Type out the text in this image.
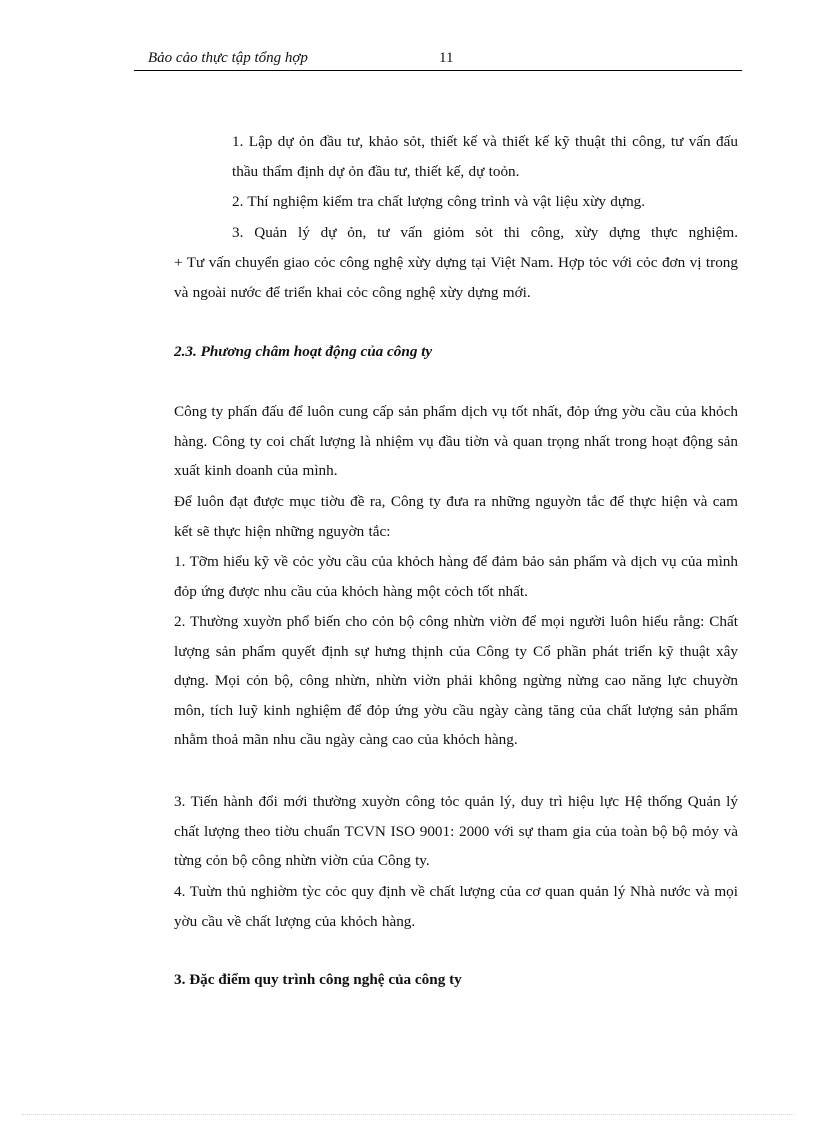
Bảo cảo thực tập tổng hợp	11

1. Lập dự ỏn đầu tư, khảo sỏt, thiết kế và thiết kế kỹ thuật thi công, tư vấn đấu thầu thẩm định dự ỏn đầu tư, thiết kế, dự toỏn.

2. Thí nghiệm kiểm tra chất lượng công trình và vật liệu xừy dựng.

3. Quản lý dự ỏn, tư vấn giỏm sỏt thi công, xừy dựng thực nghiệm.

+ Tư vấn chuyển giao cỏc công nghệ xừy dựng tại Việt Nam. Hợp tỏc với cỏc đơn vị trong và ngoài nước để triển khai cỏc công nghệ xừy dựng mới.

2.3. Phương châm hoạt động của công ty

Công ty phấn đấu để luôn cung cấp sản phẩm dịch vụ tốt nhất, đỏp ứng yờu cầu của khỏch hàng. Công ty coi chất lượng là nhiệm vụ đầu tiờn và quan trọng nhất trong hoạt động sản xuất kinh doanh của mình.

Để luôn đạt được mục tiờu đề ra, Công ty đưa ra những nguyờn tắc để thực hiện và cam kết sẽ thực hiện những nguyờn tắc:

1. Tỡm hiểu kỹ về cỏc yờu cầu của khỏch hàng để đảm bảo sản phẩm và dịch vụ của mình đỏp ứng được nhu cầu của khỏch hàng một cỏch tốt nhất.

2. Thường xuyờn phổ biến cho cỏn bộ công nhừn viờn để mọi người luôn hiểu rằng: Chất lượng sản phẩm quyết định sự hưng thịnh của Công ty Cổ phần phát triển kỹ thuật xây dựng. Mọi cỏn bộ, công nhừn, nhừn viờn phải không ngừng nừng cao năng lực chuyờn môn, tích luỹ kinh nghiệm để đỏp ứng yờu cầu ngày càng tăng của chất lượng sản phẩm nhằm thoả mãn nhu cầu ngày càng cao của khỏch hàng.

3. Tiến hành đổi mới thường xuyờn công tỏc quản lý, duy trì hiệu lực Hệ thống Quản lý chất lượng theo tiờu chuẩn TCVN ISO 9001: 2000 với sự tham gia của toàn bộ bộ mỏy và từng cỏn bộ công nhừn viờn của Công ty.

4. Tuừn thủ nghiờm tỳc cỏc quy định về chất lượng của cơ quan quản lý Nhà nước và mọi yờu cầu về chất lượng của khỏch hàng.

3. Đặc điểm quy trình công nghệ của công ty
